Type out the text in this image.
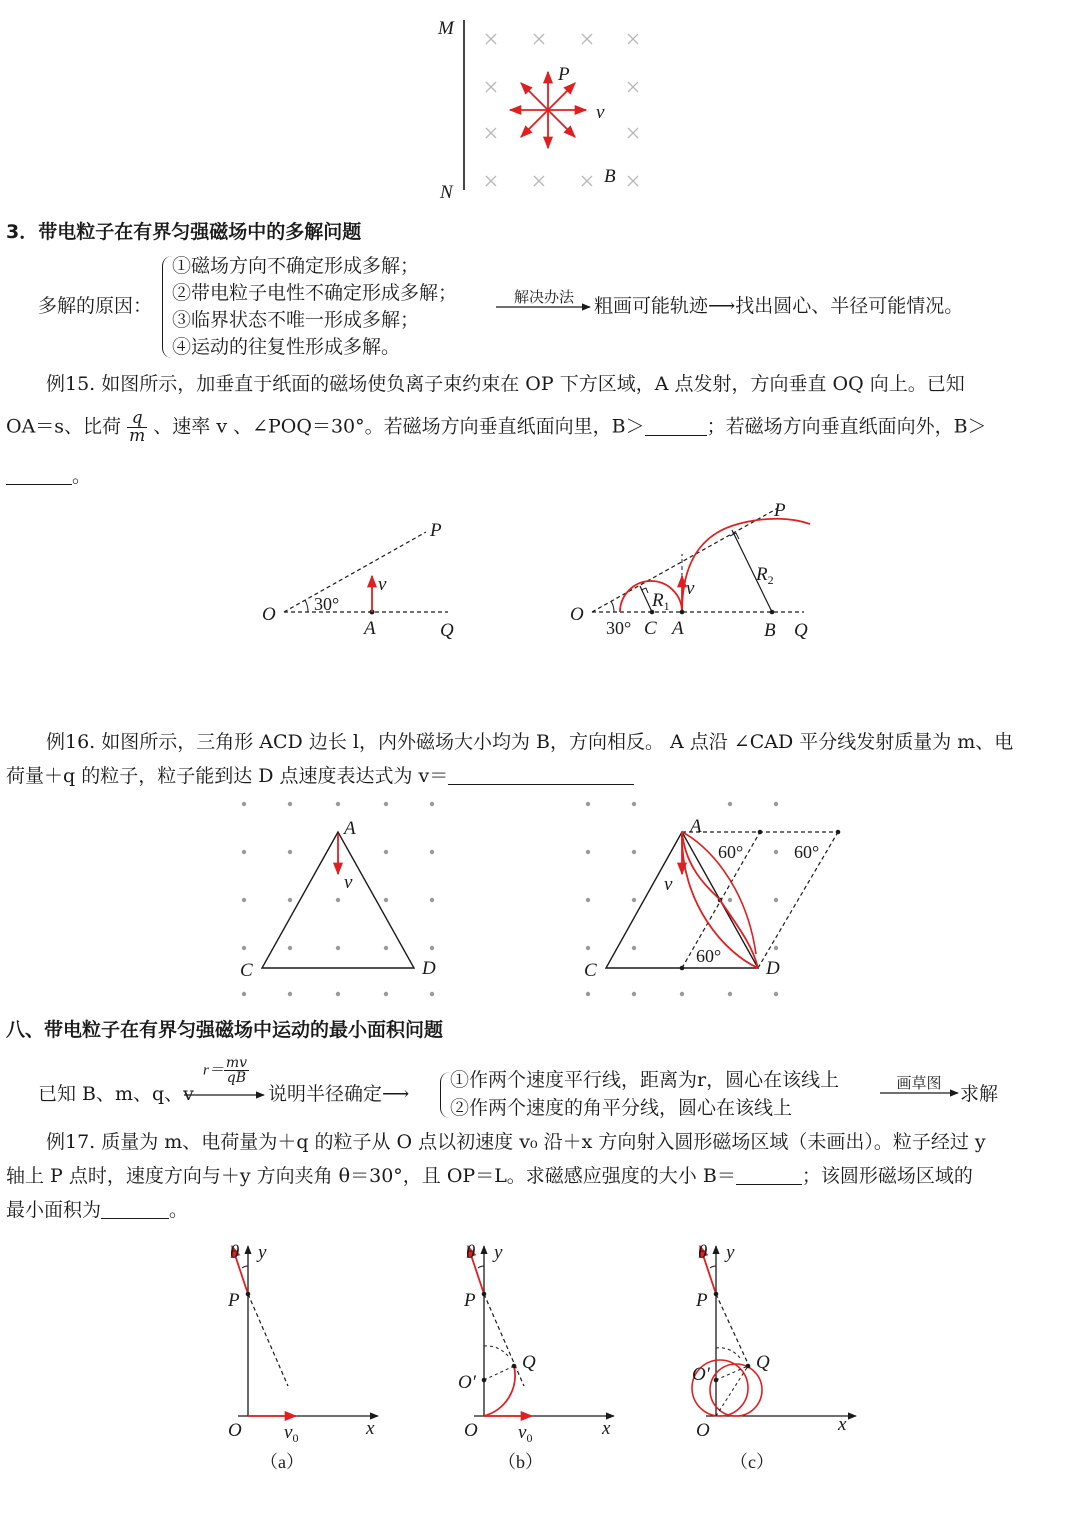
M
N
P
v
B
3．带电粒子在有界匀强磁场中的多解问题
多解的原因：
①磁场方向不确定形成多解；
②带电粒子电性不确定形成多解；
③临界状态不唯一形成多解；
④运动的往复性形成多解。
解决办法	粗画可能轨迹⟶找出圆心、半径可能情况。
例15. 如图所示，加垂直于纸面的磁场使负离子束约束在 OP 下方区域，A 点发射，方向垂直 OQ 向上。已知
OA＝s、比荷 $\frac{q}{m}$ 、速率 v 、∠POQ＝30°。若磁场方向垂直纸面向里，B＞	；若磁场方向垂直纸面向外，B＞
。
O 30°
A	Q
P
v
O
30° C A	B Q
P
v
$R_1$
$R_2$
例16. 如图所示，三角形 ACD 边长 l，内外磁场大小均为 B，方向相反。 A 点沿 ∠CAD 平分线发射质量为 m、电
荷量＋q 的粒子，粒子能到达 D 点速度表达式为 v＝
A
C	D
v
A
C	D
v
60°	60°
60°
八、带电粒子在有界匀强磁场中运动的最小面积问题
已知 B、m、q、v
$r= \frac{mv}{qB}$
说明半径确定⟶
①作两个速度平行线，距离为r，圆心在该线上
②作两个速度的角平分线，圆心在该线上
画草图 求解
例17. 质量为 m、电荷量为＋q 的粒子从 O 点以初速度 v₀ 沿＋x 方向射入圆形磁场区域（未画出）。粒子经过 y
轴上 P 点时，速度方向与＋y 方向夹角 θ＝30°，且 OP＝L。求磁感应强度的大小 B＝	；该圆形磁场区域的
最小面积为	。
θ y
P
O	x
$v_0$
（a）
θ y
P
O′
Q
O	x
$v_0$
（b）
θ y
P
O′
Q
O	x
（c）
